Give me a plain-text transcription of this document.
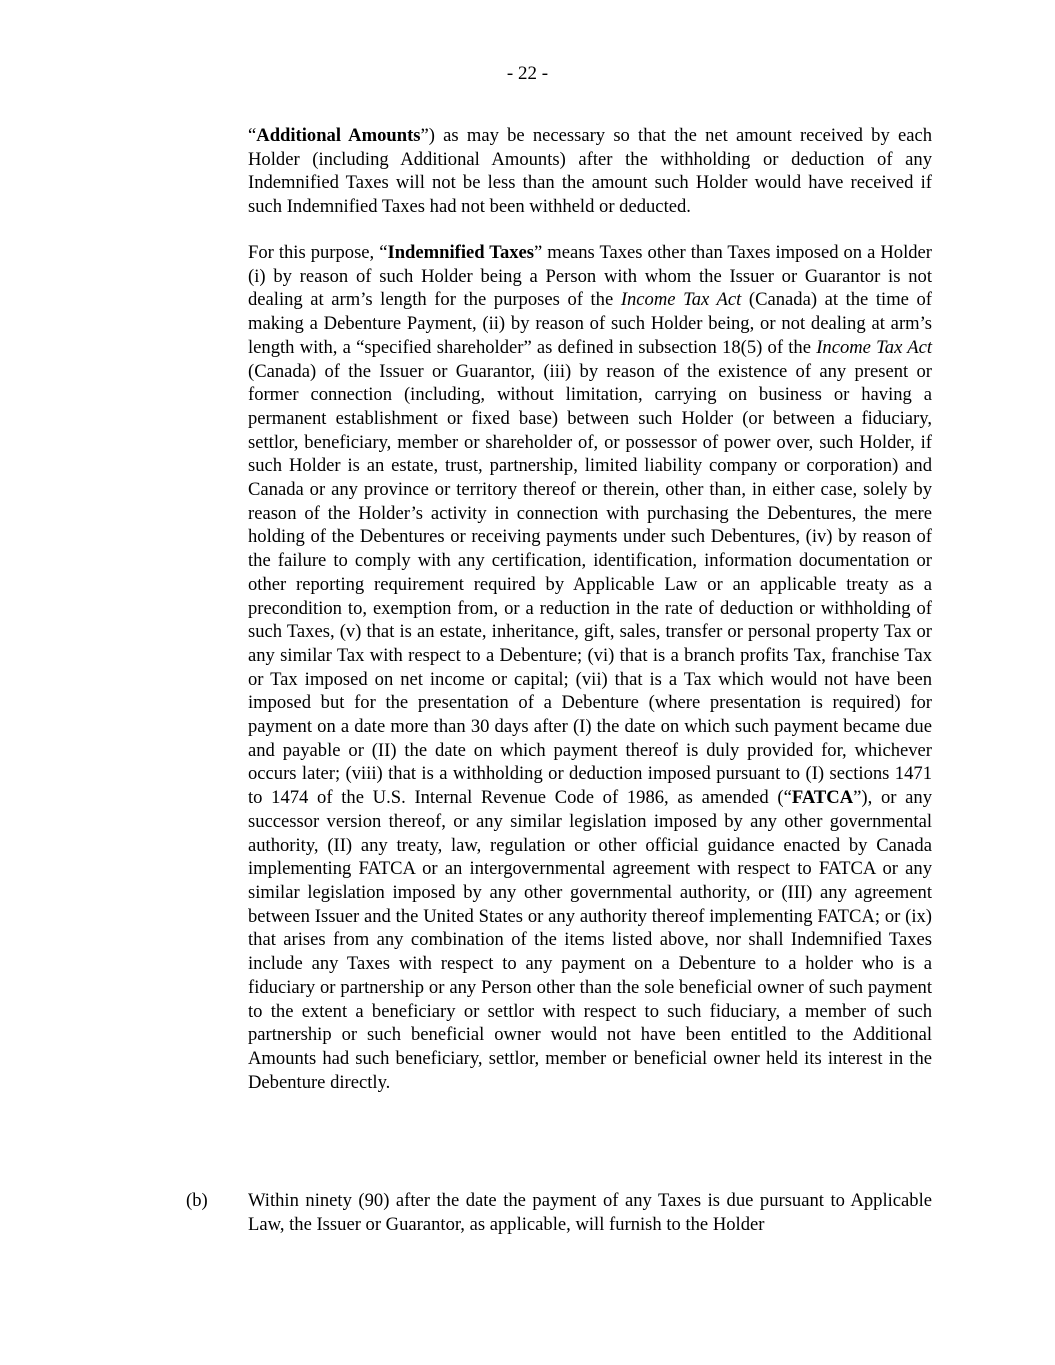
- 22 -

“Additional Amounts”) as may be necessary so that the net amount received by each Holder (including Additional Amounts) after the withholding or deduction of any Indemnified Taxes will not be less than the amount such Holder would have received if such Indemnified Taxes had not been withheld or deducted.

For this purpose, “Indemnified Taxes” means Taxes other than Taxes imposed on a Holder (i) by reason of such Holder being a Person with whom the Issuer or Guarantor is not dealing at arm’s length for the purposes of the Income Tax Act (Canada) at the time of making a Debenture Payment, (ii) by reason of such Holder being, or not dealing at arm’s length with, a “specified shareholder” as defined in subsection 18(5) of the Income Tax Act (Canada) of the Issuer or Guarantor, (iii) by reason of the existence of any present or former connection (including, without limitation, carrying on business or having a permanent establishment or fixed base) between such Holder (or between a fiduciary, settlor, beneficiary, member or shareholder of, or possessor of power over, such Holder, if such Holder is an estate, trust, partnership, limited liability company or corporation) and Canada or any province or territory thereof or therein, other than, in either case, solely by reason of the Holder’s activity in connection with purchasing the Debentures, the mere holding of the Debentures or receiving payments under such Debentures, (iv) by reason of the failure to comply with any certification, identification, information documentation or other reporting requirement required by Applicable Law or an applicable treaty as a precondition to, exemption from, or a reduction in the rate of deduction or withholding of such Taxes, (v) that is an estate, inheritance, gift, sales, transfer or personal property Tax or any similar Tax with respect to a Debenture; (vi) that is a branch profits Tax, franchise Tax or Tax imposed on net income or capital; (vii) that is a Tax which would not have been imposed but for the presentation of a Debenture (where presentation is required) for payment on a date more than 30 days after (I) the date on which such payment became due and payable or (II) the date on which payment thereof is duly provided for, whichever occurs later; (viii) that is a withholding or deduction imposed pursuant to (I) sections 1471 to 1474 of the U.S. Internal Revenue Code of 1986, as amended (“FATCA”), or any successor version thereof, or any similar legislation imposed by any other governmental authority, (II) any treaty, law, regulation or other official guidance enacted by Canada implementing FATCA or an intergovernmental agreement with respect to FATCA or any similar legislation imposed by any other governmental authority, or (III) any agreement between Issuer and the United States or any authority thereof implementing FATCA; or (ix) that arises from any combination of the items listed above, nor shall Indemnified Taxes include any Taxes with respect to any payment on a Debenture to a holder who is a fiduciary or partnership or any Person other than the sole beneficial owner of such payment to the extent a beneficiary or settlor with respect to such fiduciary, a member of such partnership or such beneficial owner would not have been entitled to the Additional Amounts had such beneficiary, settlor, member or beneficial owner held its interest in the Debenture directly.

(b) Within ninety (90) after the date the payment of any Taxes is due pursuant to Applicable Law, the Issuer or Guarantor, as applicable, will furnish to the Holder
